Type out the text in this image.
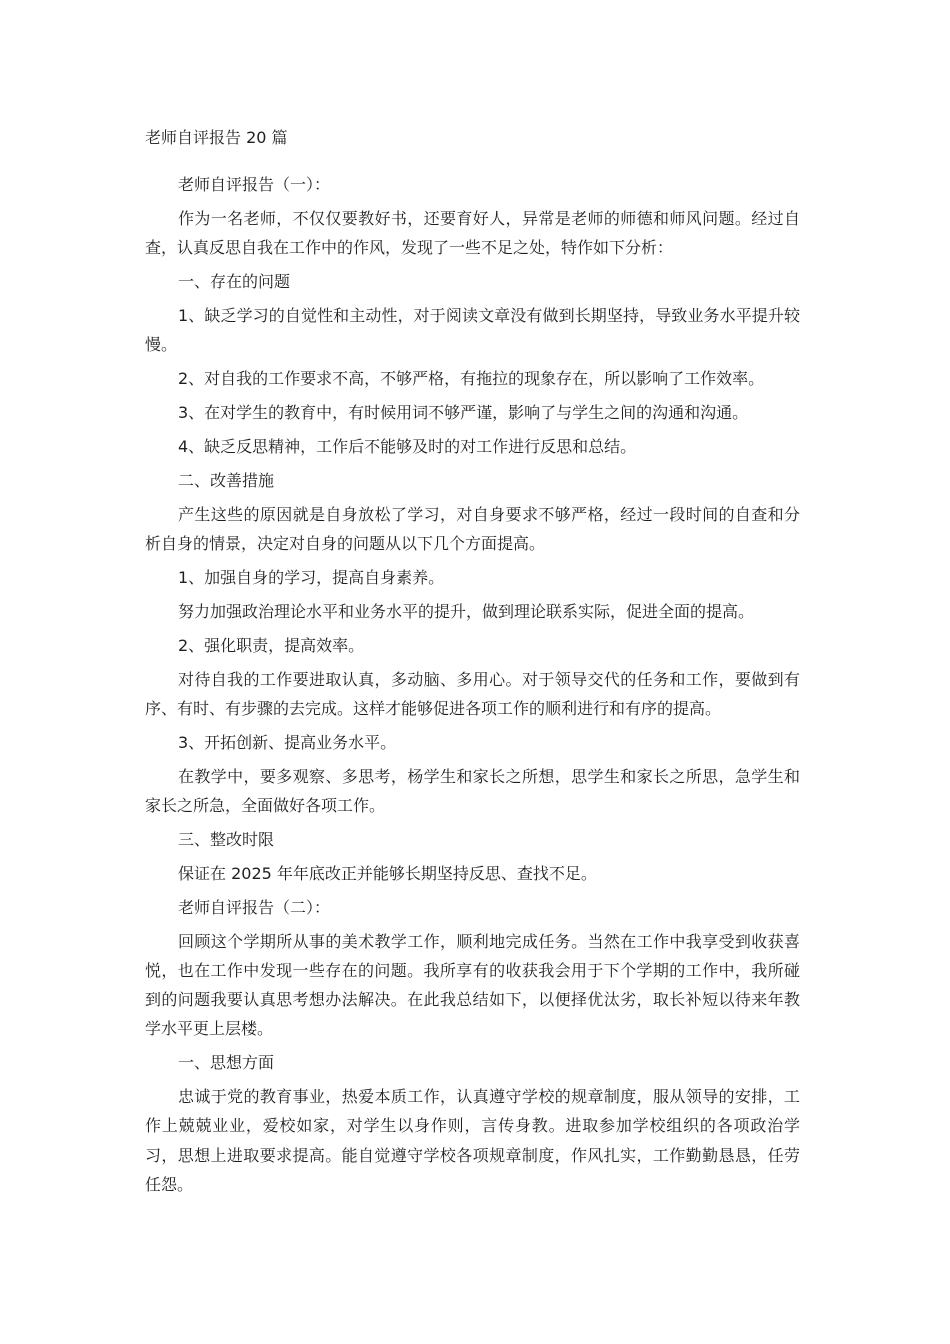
老师自评报告 20 篇

老师自评报告（一）：

作为一名老师，不仅仅要教好书，还要育好人，异常是老师的师德和师风问题。经过自查，认真反思自我在工作中的作风，发现了一些不足之处，特作如下分析：

一、存在的问题

1、缺乏学习的自觉性和主动性，对于阅读文章没有做到长期坚持，导致业务水平提升较慢。

2、对自我的工作要求不高，不够严格，有拖拉的现象存在，所以影响了工作效率。

3、在对学生的教育中，有时候用词不够严谨，影响了与学生之间的沟通和沟通。

4、缺乏反思精神，工作后不能够及时的对工作进行反思和总结。

二、改善措施

产生这些的原因就是自身放松了学习，对自身要求不够严格，经过一段时间的自查和分析自身的情景，决定对自身的问题从以下几个方面提高。

1、加强自身的学习，提高自身素养。

努力加强政治理论水平和业务水平的提升，做到理论联系实际，促进全面的提高。

2、强化职责，提高效率。

对待自我的工作要进取认真，多动脑、多用心。对于领导交代的任务和工作，要做到有序、有时、有步骤的去完成。这样才能够促进各项工作的顺利进行和有序的提高。

3、开拓创新、提高业务水平。

在教学中，要多观察、多思考，杨学生和家长之所想，思学生和家长之所思，急学生和家长之所急，全面做好各项工作。

三、整改时限

保证在 2025 年年底改正并能够长期坚持反思、查找不足。

老师自评报告（二）：

回顾这个学期所从事的美术教学工作，顺利地完成任务。当然在工作中我享受到收获喜悦，也在工作中发现一些存在的问题。我所享有的收获我会用于下个学期的工作中，我所碰到的问题我要认真思考想办法解决。在此我总结如下，以便择优汰劣，取长补短以待来年教学水平更上层楼。

一、思想方面

忠诚于党的教育事业，热爱本质工作，认真遵守学校的规章制度，服从领导的安排，工作上兢兢业业，爱校如家，对学生以身作则，言传身教。进取参加学校组织的各项政治学习，思想上进取要求提高。能自觉遵守学校各项规章制度，作风扎实，工作勤勤恳恳，任劳任怨。
